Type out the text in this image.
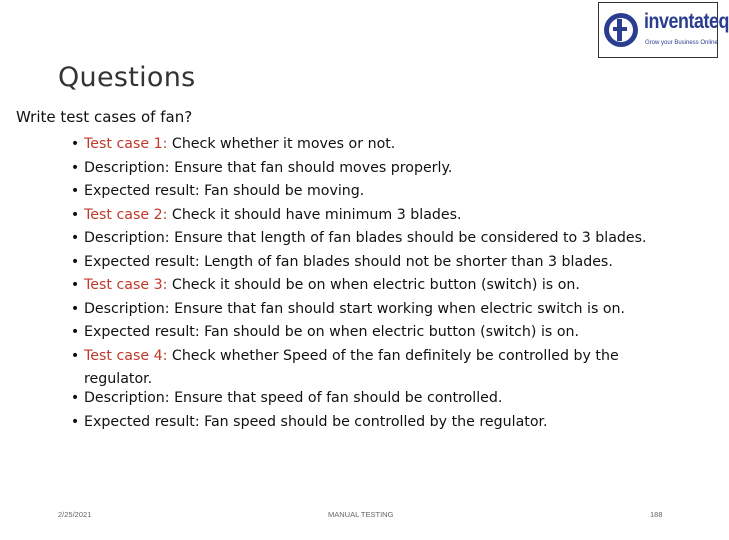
inventateq
Grow your Business Online
Questions
Write test cases of fan?
• Test case 1: Check whether it moves or not.
• Description: Ensure that fan should moves properly.
• Expected result: Fan should be moving.
• Test case 2: Check it should have minimum 3 blades.
• Description: Ensure that length of fan blades should be considered to 3 blades.
• Expected result: Length of fan blades should not be shorter than 3 blades.
• Test case 3: Check it should be on when electric button (switch) is on.
• Description: Ensure that fan should start working when electric switch is on.
• Expected result: Fan should be on when electric button (switch) is on.
• Test case 4: Check whether Speed of the fan definitely be controlled by the
regulator.
• Description: Ensure that speed of fan should be controlled.
• Expected result: Fan speed should be controlled by the regulator.
2/25/2021	MANUAL TESTING	188
